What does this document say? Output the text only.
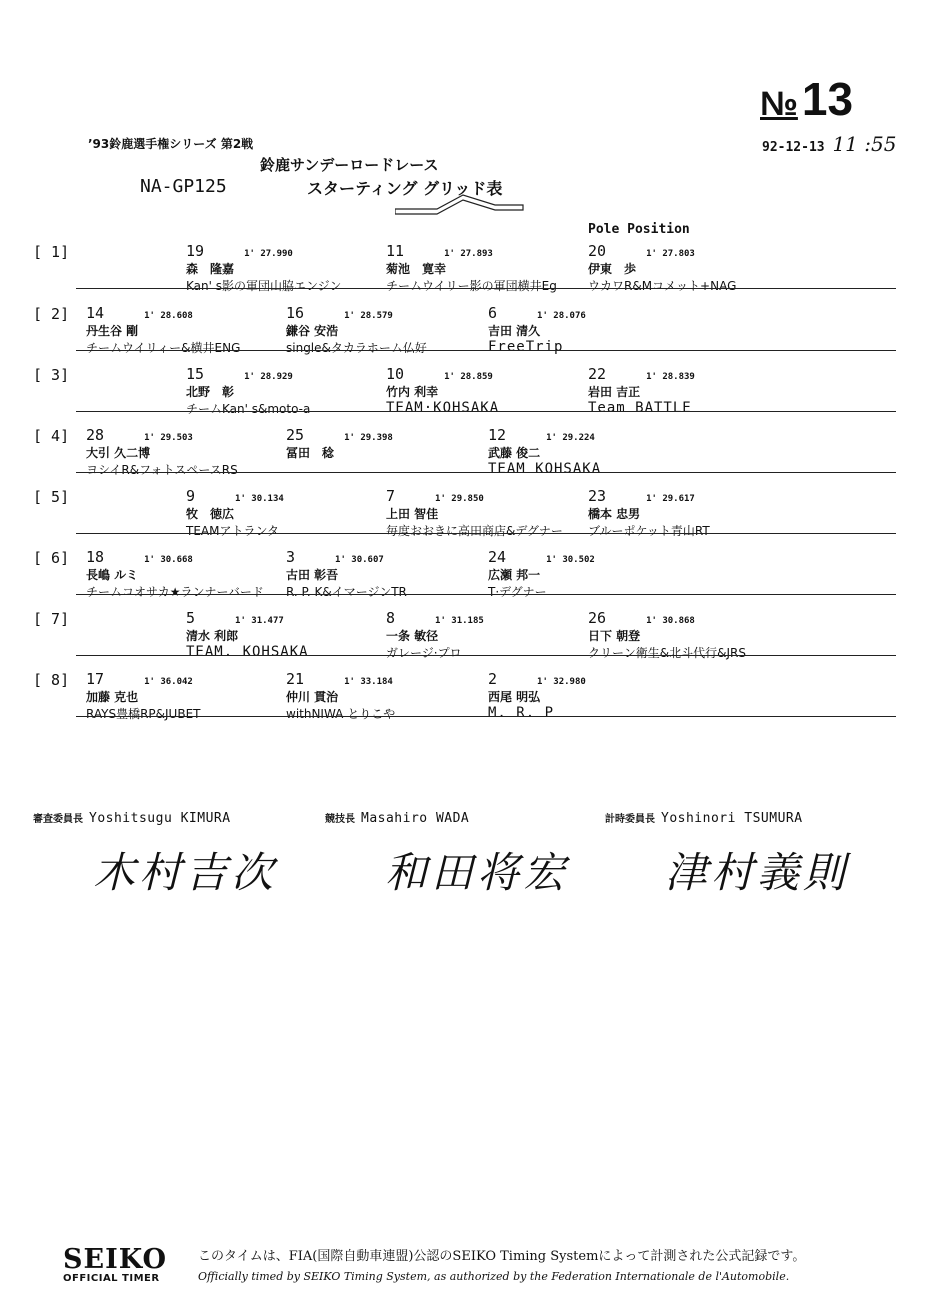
№13
92-12-13 11 :55
’93鈴鹿選手権シリーズ 第2戦
鈴鹿サンデーロードレース
NA-GP125	スターティング グリッド表
Pole Position
[ 1]	19	1' 27.990
森　隆嘉
Kan' s影の軍団山脇エンジン
11	1' 27.893
菊池　寛幸
チームウイリー影の軍団横井Eg
20	1' 27.803
伊東　歩
ウカワR&Mコメット+NAG
[ 2] 14	1' 28.608
丹生谷 剛
チームウイリィー&横井ENG
16	1' 28.579
鎌谷 安浩
single&タカラホーム仏好
6	1' 28.076
吉田 清久
FreeTrip
[ 3]	15	1' 28.929
北野　彰
チームKan' s&moto-a
10	1' 28.859
竹内 利幸
TEAM·KOHSAKA
22	1' 28.839
岩田 吉正
Team BATTLE
[ 4] 28	1' 29.503
大引 久二博
ヨシイR&フォトスペースRS
25	1' 29.398
冨田　稔
12	1' 29.224
武藤 俊二
TEAM KOHSAKA
[ 5]	9	1' 30.134
牧　徳広
TEAMアトランタ
7	1' 29.850
上田 智佳
毎度おおきに高田商店&デグナー
23	1' 29.617
橋本 忠男
ブルーポケット青山RT
[ 6] 18	1' 30.668
長嶋 ルミ
チームコオサカ★ランナーバード
3	1' 30.607
古田 彰吾
R. P. K&イマージンTR
24	1' 30.502
広瀬 邦一
T·デグナー
[ 7]	5	1' 31.477
清水 利郎
TEAM. KOHSAKA
8	1' 31.185
一条 敏径
ガレージ·プロ
26	1' 30.868
日下 朝登
クリーン衛生&北斗代行&JRS
[ 8] 17	1' 36.042
加藤 克也
RAYS豊橋RP&JUBET
21	1' 33.184
仲川 貫治
withNIWA とりこや
2	1' 32.980
西尾 明弘
M. R. P
審査委員長 Yoshitsugu KIMURA
木村吉次
競技長 Masahiro WADA
和田将宏
計時委員長 Yoshinori TSUMURA
津村義則
SEIKO
OFFICIAL TIMER
このタイムは、FIA(国際自動車連盟)公認のSEIKO Timing Systemによって計測された公式記録です。
Officially timed by SEIKO Timing System, as authorized by the Federation Internationale de l'Automobile.
